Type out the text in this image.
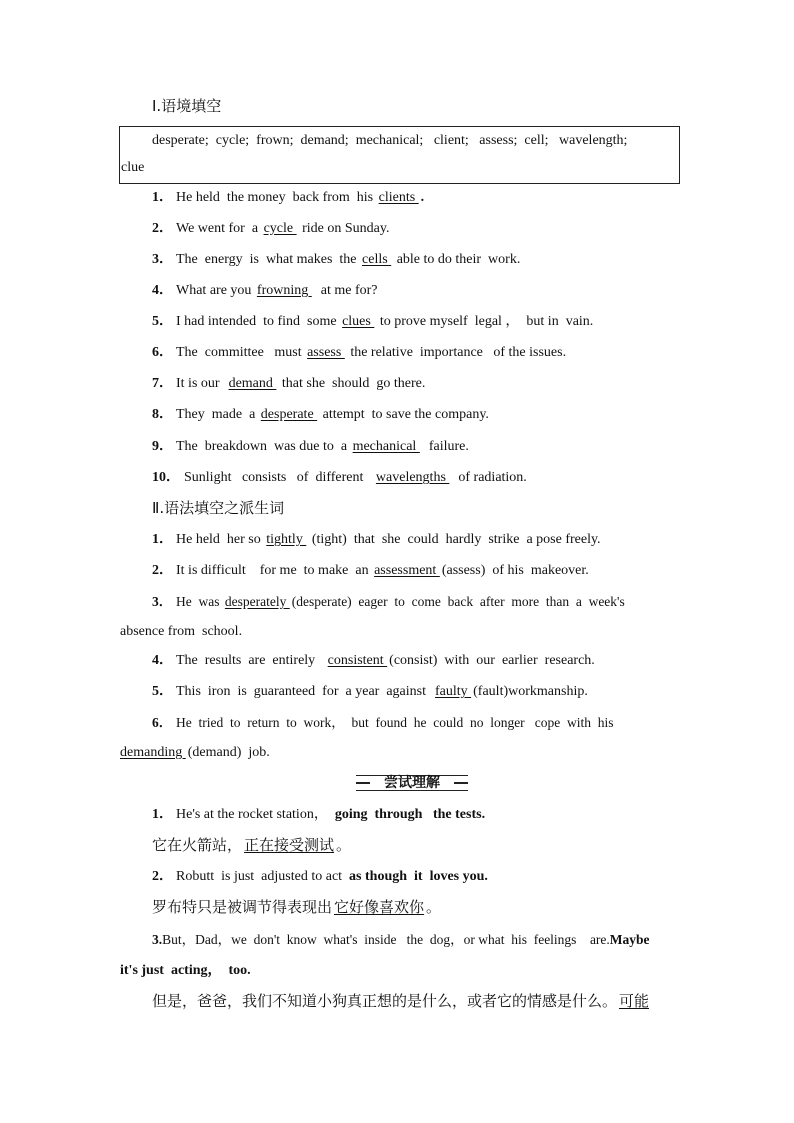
Ⅰ.语境填空
desperate;  cycle;  frown;  demand;  mechanical;   client;   assess;  cell;   wavelength;
clue
1． He held  the money  back from  his clients .
2． We went for  a cycle  ride on Sunday.
3． The  energy  is  what makes  the cells  able to do their  work.
4． What are you frowning   at me for?
5． I had intended  to find  some clues  to prove myself  legal ，  but in  vain.
6． The  committee   must assess  the relative  importance   of the issues.
7． It is our  demand  that she  should  go there.
8． They  made  a desperate  attempt  to save the company.
9． The  breakdown  was due to  a mechanical   failure.
10． Sunlight   consists   of  different   wavelengths   of radiation.
Ⅱ.语法填空之派生词
1． He held  her so tightly  (tight)  that  she  could  hardly  strike  a pose freely.
2． It is difficult    for me  to make  an assessment (assess)  of his  makeover.
3． He  was desperately (desperate)  eager  to  come  back  after  more  than  a  week's
absence from  school.
4． The  results  are  entirely   consistent (consist)  with  our  earlier  research.
5． This  iron  is  guaranteed  for  a year  against  faulty (fault)workmanship.
6． He  tried  to  return  to  work，  but  found  he  could  no  longer   cope  with  his
demanding (demand)  job.
尝试理解
1． He's at the rocket station，  going  through   the tests.
它在火箭站， 正在接受测试 。
2． Robutt  is just  adjusted to act  as though  it  loves you.
罗布特只是被调节得表现出 它好像喜欢你 。
3.But，Dad，we  don't  know  what's  inside   the  dog，or what  his  feelings    are.Maybe
it's just  acting，  too.
但是，爸爸，我们不知道小狗真正想的是什么，或者它的情感是什么。 可能
